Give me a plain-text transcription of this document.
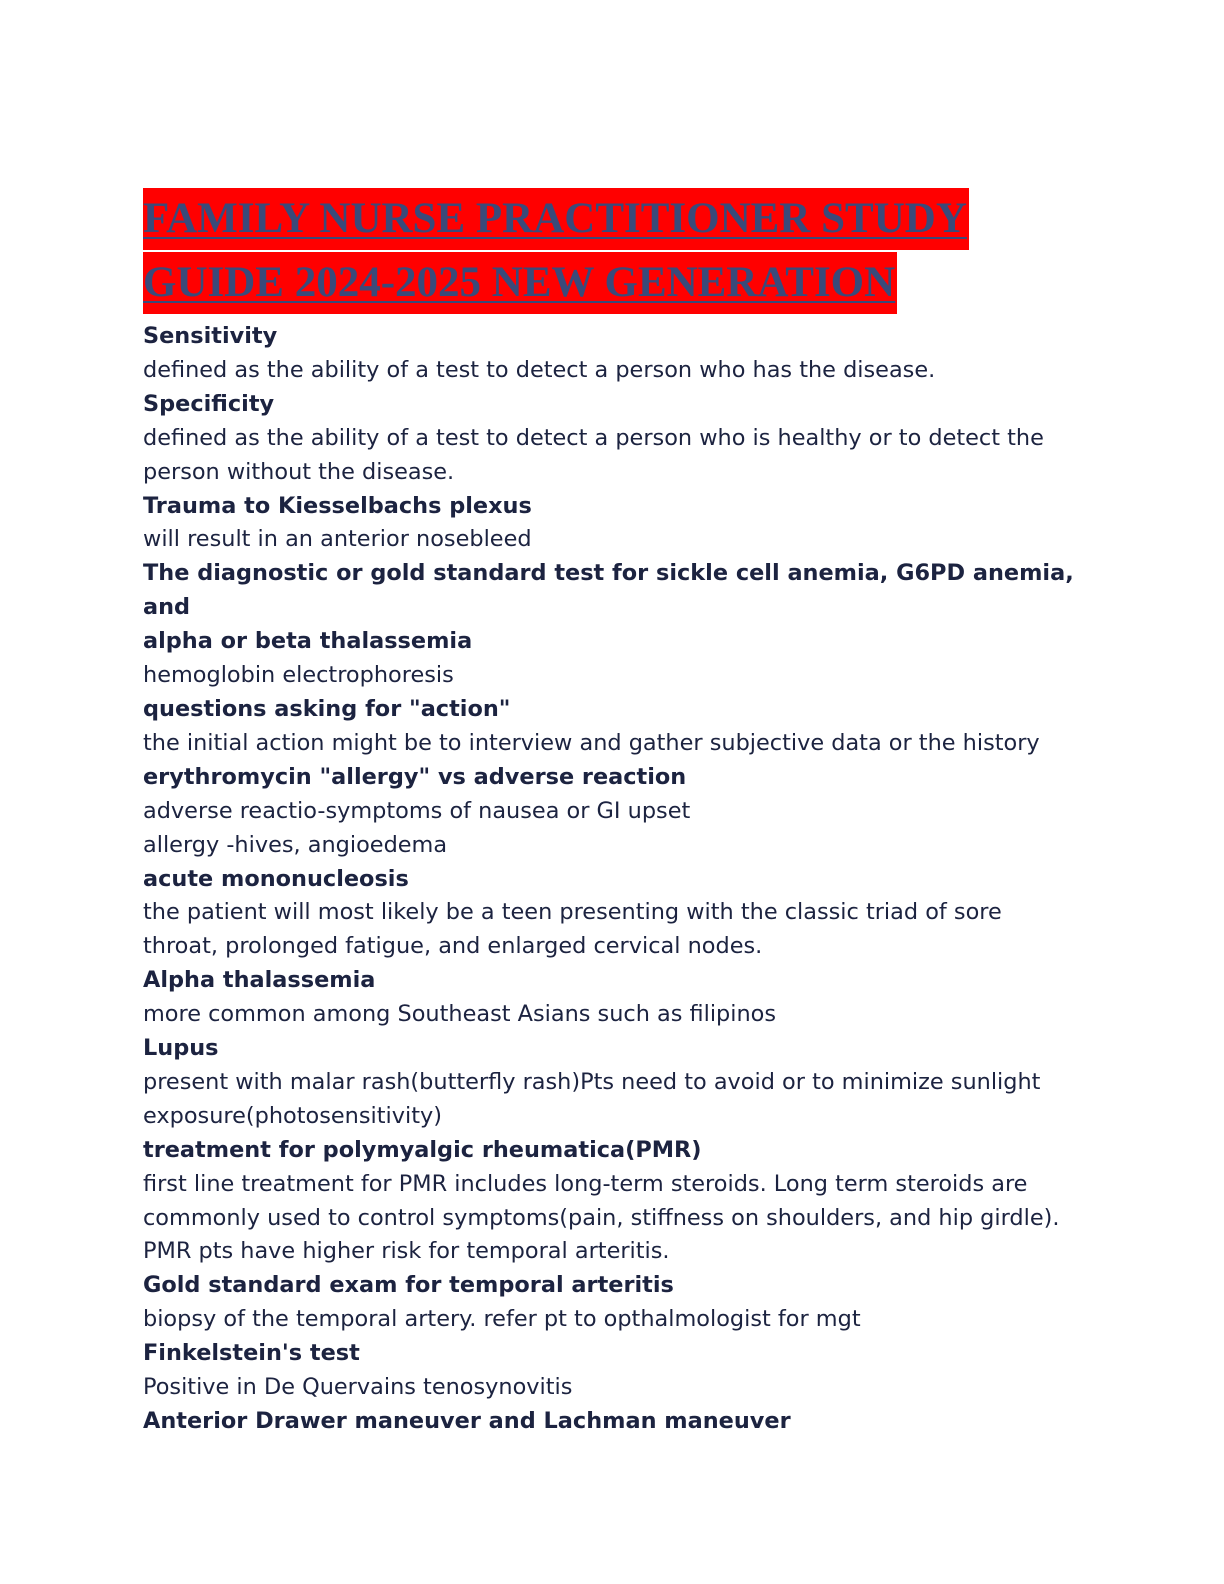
FAMILY NURSE PRACTITIONER STUDY
GUIDE 2024-2025 NEW GENERATION
Sensitivity
defined as the ability of a test to detect a person who has the disease.
Specificity
defined as the ability of a test to detect a person who is healthy or to detect the
person without the disease.
Trauma to Kiesselbachs plexus
will result in an anterior nosebleed
The diagnostic or gold standard test for sickle cell anemia, G6PD anemia, and
alpha or beta thalassemia
hemoglobin electrophoresis
questions asking for "action"
the initial action might be to interview and gather subjective data or the history
erythromycin "allergy" vs adverse reaction
adverse reactio-symptoms of nausea or GI upset
allergy -hives, angioedema
acute mononucleosis
the patient will most likely be a teen presenting with the classic triad of sore
throat, prolonged fatigue, and enlarged cervical nodes.
Alpha thalassemia
more common among Southeast Asians such as filipinos
Lupus
present with malar rash(butterfly rash)Pts need to avoid or to minimize sunlight
exposure(photosensitivity)
treatment for polymyalgic rheumatica(PMR)
first line treatment for PMR includes long-term steroids. Long term steroids are
commonly used to control symptoms(pain, stiffness on shoulders, and hip girdle).
PMR pts have higher risk for temporal arteritis.
Gold standard exam for temporal arteritis
biopsy of the temporal artery. refer pt to opthalmologist for mgt
Finkelstein's test
Positive in De Quervains tenosynovitis
Anterior Drawer maneuver and Lachman maneuver
